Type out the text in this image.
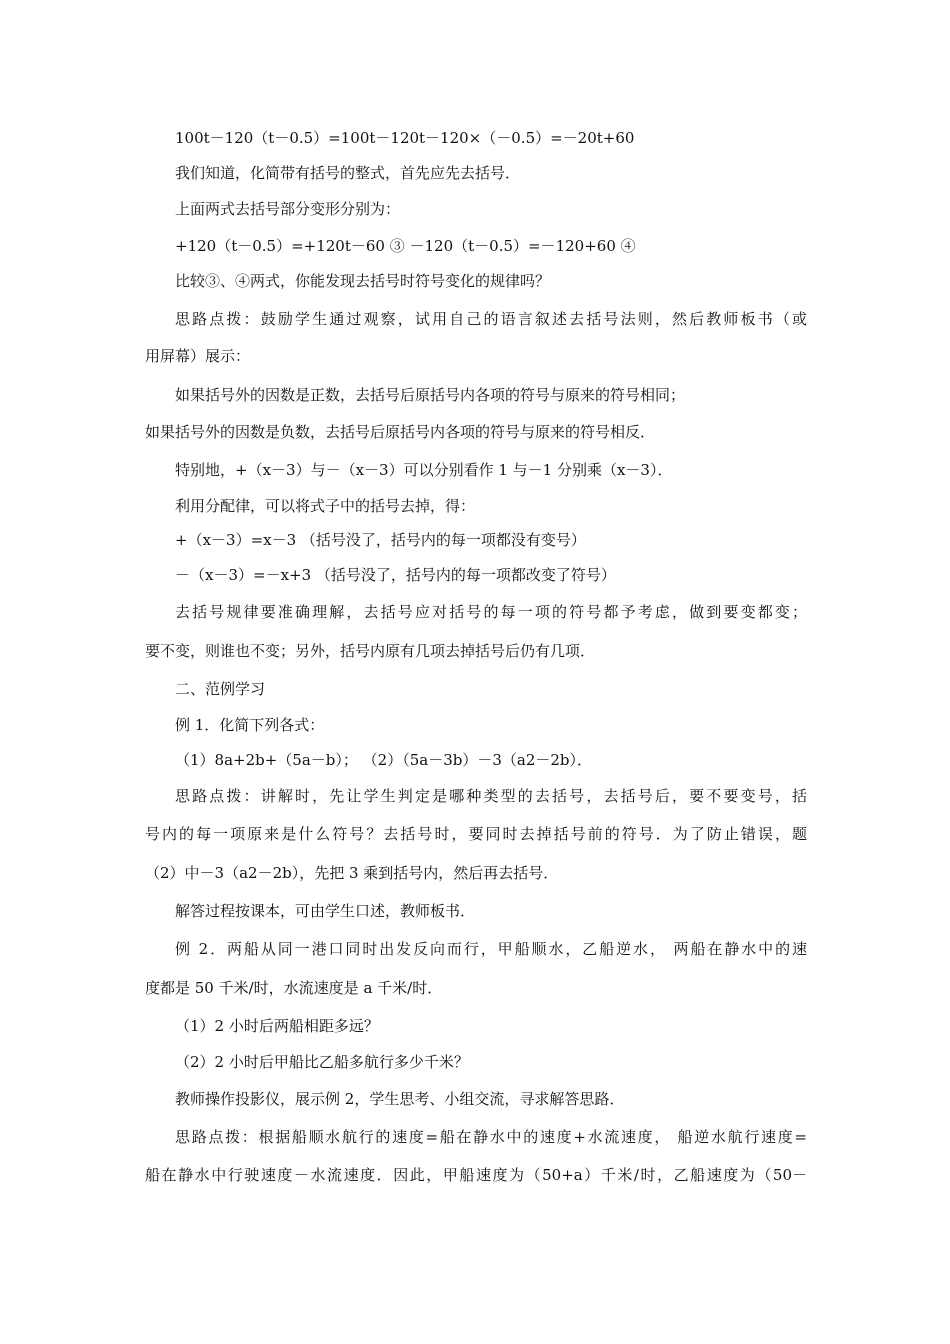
100t－120（t－0.5）=100t－120t－120×（－0.5）=－20t+60
我们知道，化简带有括号的整式，首先应先去括号．
上面两式去括号部分变形分别为：
+120（t－0.5）=+120t－60 ③ －120（t－0.5）=－120+60 ④
比较③、④两式，你能发现去括号时符号变化的规律吗？
思路点拨：鼓励学生通过观察，试用自己的语言叙述去括号法则，然后教师板书（或
用屏幕）展示：
如果括号外的因数是正数，去括号后原括号内各项的符号与原来的符号相同；
如果括号外的因数是负数，去括号后原括号内各项的符号与原来的符号相反．
特别地，+（x－3）与－（x－3）可以分别看作 1 与－1 分别乘（x－3）．
利用分配律，可以将式子中的括号去掉，得：
+（x－3）=x－3 （括号没了，括号内的每一项都没有变号）
－（x－3）=－x+3 （括号没了，括号内的每一项都改变了符号）
去括号规律要准确理解，去括号应对括号的每一项的符号都予考虑，做到要变都变；
要不变，则谁也不变；另外，括号内原有几项去掉括号后仍有几项．
二、范例学习
例 1．化简下列各式：
（1）8a+2b+（5a－b）； （2）（5a－3b）－3（a2－2b）．
思路点拨：讲解时，先让学生判定是哪种类型的去括号，去括号后，要不要变号，括
号内的每一项原来是什么符号？去括号时，要同时去掉括号前的符号．为了防止错误，题
（2）中－3（a2－2b），先把 3 乘到括号内，然后再去括号．
解答过程按课本，可由学生口述，教师板书．
例 2．两船从同一港口同时出发反向而行，甲船顺水，乙船逆水， 两船在静水中的速
度都是 50 千米/时，水流速度是 a 千米/时．
（1）2 小时后两船相距多远？
（2）2 小时后甲船比乙船多航行多少千米？
教师操作投影仪，展示例 2，学生思考、小组交流，寻求解答思路．
思路点拨：根据船顺水航行的速度=船在静水中的速度+水流速度， 船逆水航行速度=
船在静水中行驶速度－水流速度．因此，甲船速度为（50+a）千米/时，乙船速度为（50－
